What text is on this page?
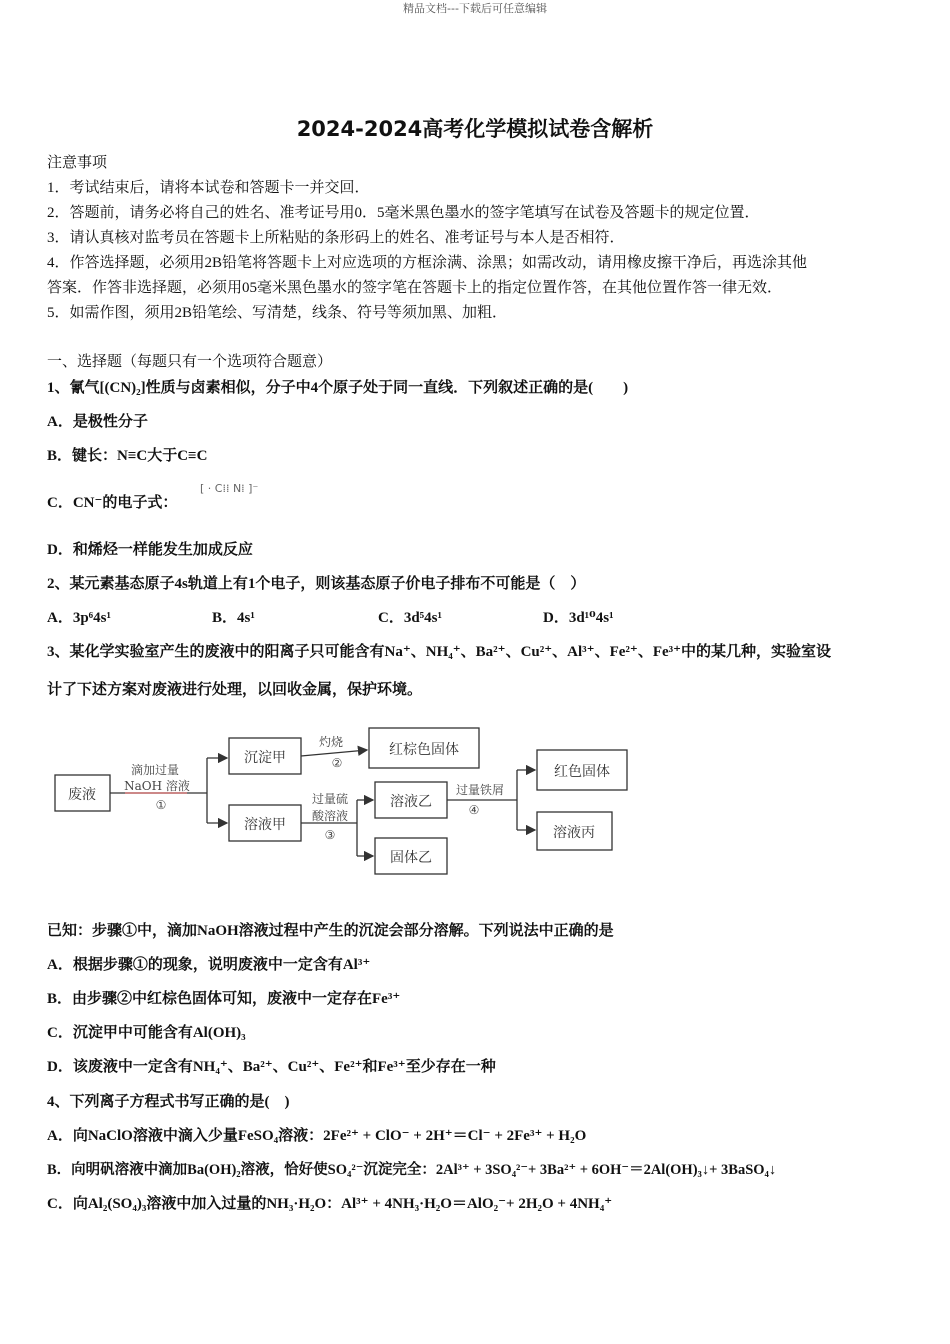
精品文档---下载后可任意编辑
2024-2024高考化学模拟试卷含解析
注意事项
1．考试结束后，请将本试卷和答题卡一并交回．
2．答题前，请务必将自己的姓名、准考证号用0．5毫米黑色墨水的签字笔填写在试卷及答题卡的规定位置．
3．请认真核对监考员在答题卡上所粘贴的条形码上的姓名、准考证号与本人是否相符．
4．作答选择题，必须用2B铅笔将答题卡上对应选项的方框涂满、涂黑；如需改动，请用橡皮擦干净后，再选涂其他
答案．作答非选择题，必须用05毫米黑色墨水的签字笔在答题卡上的指定位置作答，在其他位置作答一律无效．
5．如需作图，须用2B铅笔绘、写清楚，线条、符号等须加黑、加粗．
一、选择题（每题只有一个选项符合题意）
1、氰气[(CN)₂]性质与卤素相似，分子中4个原子处于同一直线．下列叙述正确的是(　　)
A．是极性分子
B．键长：N≡C大于C≡C
C．CN⁻的电子式：
[ · C⁞⁞ N⁞ ]⁻
D．和烯烃一样能发生加成反应
2、某元素基态原子4s轨道上有1个电子，则该基态原子价电子排布不可能是（　）
A．3p⁶4s¹	B．4s¹	C．3d⁵4s¹	D．3d¹⁰4s¹
3、某化学实验室产生的废液中的阳离子只可能含有Na⁺、NH₄⁺、Ba²⁺、Cu²⁺、Al³⁺、Fe²⁺、Fe³⁺中的某几种，实验室设
计了下述方案对废液进行处理，以回收金属，保护环境。
废液
沉淀甲
溶液甲
红棕色固体
溶液乙
固体乙
红色固体
溶液丙
滴加过量
NaOH 溶液
①
灼烧
②
过量硫
酸溶液
③
过量铁屑
④
已知：步骤①中，滴加NaOH溶液过程中产生的沉淀会部分溶解。下列说法中正确的是
A．根据步骤①的现象，说明废液中一定含有Al³⁺
B．由步骤②中红棕色固体可知，废液中一定存在Fe³⁺
C．沉淀甲中可能含有Al(OH)₃
D．该废液中一定含有NH₄⁺、Ba²⁺、Cu²⁺、Fe²⁺和Fe³⁺至少存在一种
4、下列离子方程式书写正确的是(　)
A．向NaClO溶液中滴入少量FeSO₄溶液：2Fe²⁺ + ClO⁻ + 2H⁺＝Cl⁻ + 2Fe³⁺ + H₂O
B．向明矾溶液中滴加Ba(OH)₂溶液，恰好使SO₄²⁻沉淀完全：2Al³⁺ + 3SO₄²⁻+ 3Ba²⁺ + 6OH⁻＝2Al(OH)₃↓+ 3BaSO₄↓
C．向Al₂(SO₄)₃溶液中加入过量的NH₃·H₂O：Al³⁺ + 4NH₃·H₂O＝AlO₂⁻+ 2H₂O + 4NH₄⁺
